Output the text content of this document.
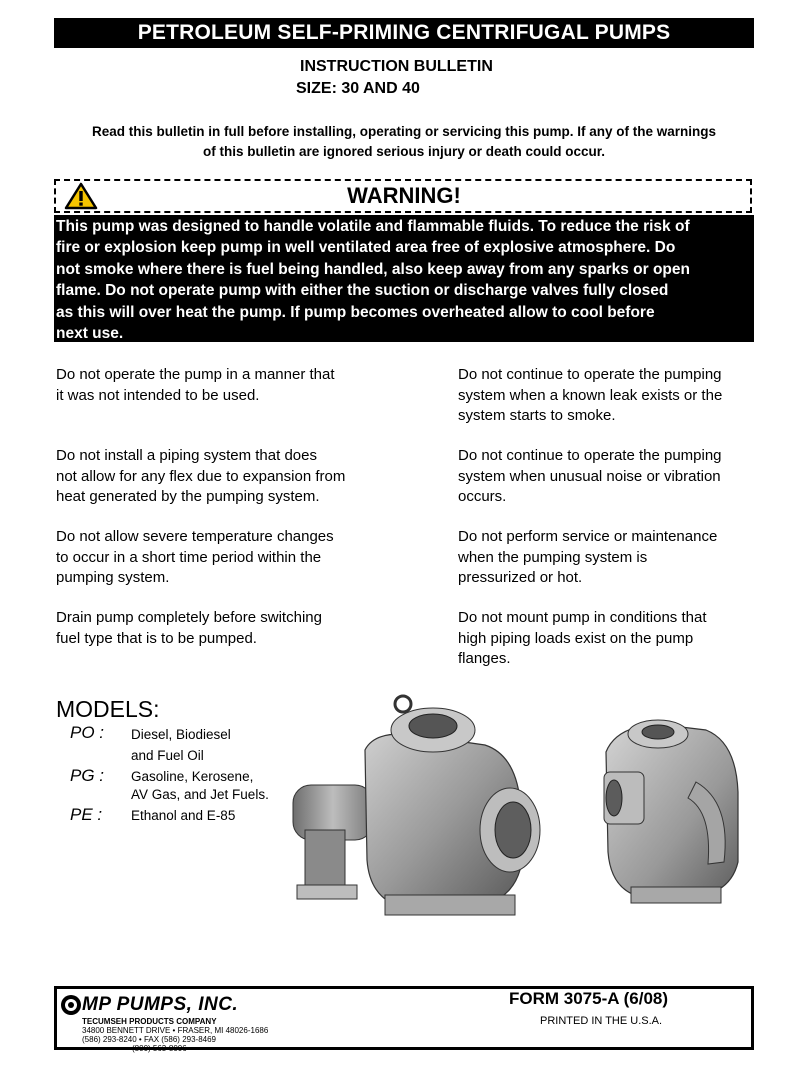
PETROLEUM SELF-PRIMING CENTRIFUGAL PUMPS
INSTRUCTION BULLETIN
SIZE: 30 AND 40
Read this bulletin in full before installing, operating or servicing this pump. If any of the warnings
of this bulletin are ignored serious injury or death could occur.
WARNING!
This pump was designed to handle volatile and flammable fluids. To reduce the risk of
fire or explosion keep pump in well ventilated area free of explosive atmosphere. Do
not smoke where there is fuel being handled, also keep away from any sparks or open
flame. Do not operate pump with either the suction or discharge valves fully closed
as this will over heat the pump. If pump becomes overheated allow to cool before
next use.
Do not operate the pump in a manner that
it was not intended to be used.
Do not install a piping system that does
not allow for any flex due to expansion from
heat generated by the pumping system.
Do not allow severe temperature changes
to occur in a short time period within the
pumping system.
Drain pump completely before switching
fuel type that is to be pumped.
Do not continue to operate the pumping
system when a known leak exists or the
system starts to smoke.
Do not continue to operate the pumping
system when unusual noise or vibration
occurs.
Do not perform service or maintenance
when the pumping system is
pressurized or hot.
Do not mount pump in conditions that
high piping loads exist on the pump
flanges.
MODELS:
PO : Diesel, Biodiesel
and Fuel Oil
PG : Gasoline, Kerosene,
AV Gas, and Jet Fuels.
PE : Ethanol and E-85
MP PUMPS, INC.
TECUMSEH PRODUCTS COMPANY
34800 BENNETT DRIVE • FRASER, MI 48026-1686
(586) 293-8240 • FAX (586) 293-8469
(800) 563-8006
FORM 3075-A (6/08)
PRINTED IN THE U.S.A.
